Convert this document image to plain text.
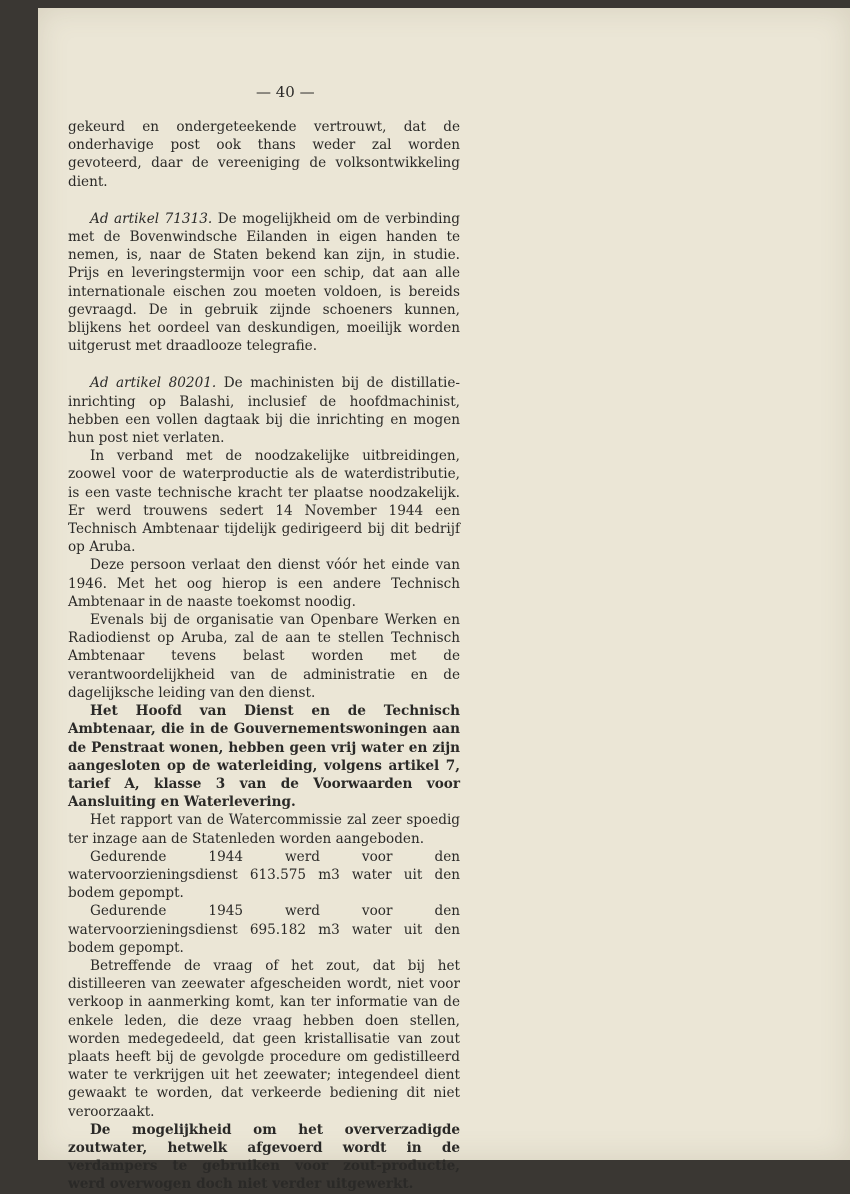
— 40 —

gekeurd en ondergeteekende vertrouwt, dat de onderhavige post ook thans weder zal worden gevoteerd, daar de vereeniging de volksontwikkeling dient.

Ad artikel 71313. De mogelijkheid om de verbinding met de Bovenwindsche Eilanden in eigen handen te nemen, is, naar de Staten bekend kan zijn, in studie. Prijs en leveringstermijn voor een schip, dat aan alle internationale eischen zou moeten voldoen, is bereids gevraagd. De in gebruik zijnde schoeners kunnen, blijkens het oordeel van deskundigen, moeilijk worden uitgerust met draadlooze telegrafie.

Ad artikel 80201. De machinisten bij de distillatie-inrichting op Balashi, inclusief de hoofdmachinist, hebben een vollen dagtaak bij die inrichting en mogen hun post niet verlaten.

In verband met de noodzakelijke uitbreidingen, zoowel voor de waterproductie als de waterdistributie, is een vaste technische kracht ter plaatse noodzakelijk. Er werd trouwens sedert 14 November 1944 een Technisch Ambtenaar tijdelijk gedirigeerd bij dit bedrijf op Aruba.

Deze persoon verlaat den dienst vóór het einde van 1946. Met het oog hierop is een andere Technisch Ambtenaar in de naaste toekomst noodig.

Evenals bij de organisatie van Openbare Werken en Radiodienst op Aruba, zal de aan te stellen Technisch Ambtenaar tevens belast worden met de verantwoordelijkheid van de administratie en de dagelijksche leiding van den dienst.

Het Hoofd van Dienst en de Technisch Ambtenaar, die in de Gouvernementswoningen aan de Penstraat wonen, hebben geen vrij water en zijn aangesloten op de waterleiding, volgens artikel 7, tarief A, klasse 3 van de Voorwaarden voor Aansluiting en Waterlevering.

Het rapport van de Watercommissie zal zeer spoedig ter inzage aan de Statenleden worden aangeboden.

Gedurende 1944 werd voor den watervoorzieningsdienst 613.575 m3 water uit den bodem gepompt.

Gedurende 1945 werd voor den watervoorzieningsdienst 695.182 m3 water uit den bodem gepompt.

Betreffende de vraag of het zout, dat bij het distilleeren van zeewater afgescheiden wordt, niet voor verkoop in aanmerking komt, kan ter informatie van de enkele leden, die deze vraag hebben doen stellen, worden medegedeeld, dat geen kristallisatie van zout plaats heeft bij de gevolgde procedure om gedistilleerd water te verkrijgen uit het zeewater; integendeel dient gewaakt te worden, dat verkeerde bediening dit niet veroorzaakt.

De mogelijkheid om het oververzadigde zoutwater, hetwelk afgevoerd wordt in de verdampers te gebruiken voor zout-productie, werd overwogen doch niet verder uitgewerkt.
